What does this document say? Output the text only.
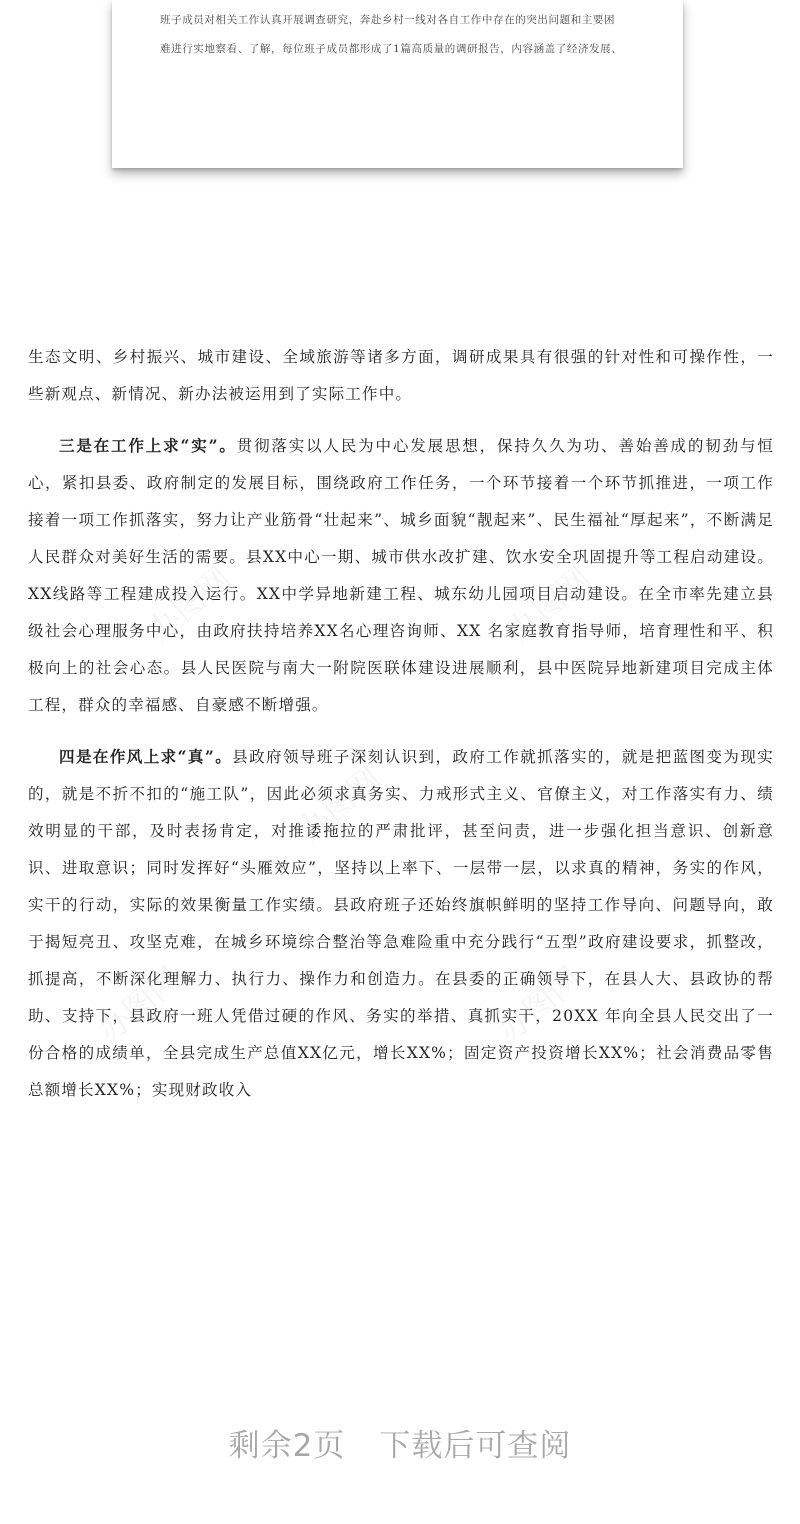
班子成员对相关工作认真开展调查研究，奔赴乡村一线对各自工作中存在的突出问题和主要困
难进行实地察看、了解，每位班子成员都形成了1篇高质量的调研报告，内容涵盖了经济发展、

生态文明、乡村振兴、城市建设、全域旅游等诸多方面，调研成果具有很强的针对性和可操作性，一些新观点、新情况、新办法被运用到了实际工作中。

三是在工作上求“实”。贯彻落实以人民为中心发展思想，保持久久为功、善始善成的韧劲与恒心，紧扣县委、政府制定的发展目标，围绕政府工作任务，一个环节接着一个环节抓推进，一项工作接着一项工作抓落实，努力让产业筋骨“壮起来”、城乡面貌“靓起来”、民生福祉“厚起来”，不断满足人民群众对美好生活的需要。县XX中心一期、城市供水改扩建、饮水安全巩固提升等工程启动建设。XX线路等工程建成投入运行。XX中学异地新建工程、城东幼儿园项目启动建设。在全市率先建立县级社会心理服务中心，由政府扶持培养XX名心理咨询师、XX 名家庭教育指导师，培育理性和平、积极向上的社会心态。县人民医院与南大一附院医联体建设进展顺利，县中医院异地新建项目完成主体工程，群众的幸福感、自豪感不断增强。

四是在作风上求“真”。县政府领导班子深刻认识到，政府工作就抓落实的，就是把蓝图变为现实的，就是不折不扣的“施工队”，因此必须求真务实、力戒形式主义、官僚主义，对工作落实有力、绩效明显的干部，及时表扬肯定，对推诿拖拉的严肃批评，甚至问责，进一步强化担当意识、创新意识、进取意识；同时发挥好“头雁效应”，坚持以上率下、一层带一层，以求真的精神，务实的作风，实干的行动，实际的效果衡量工作实绩。县政府班子还始终旗帜鲜明的坚持工作导向、问题导向，敢于揭短亮丑、攻坚克难，在城乡环境综合整治等急难险重中充分践行“五型”政府建设要求，抓整改，抓提高，不断深化理解力、执行力、操作力和创造力。在县委的正确领导下，在县人大、县政协的帮助、支持下，县政府一班人凭借过硬的作风、务实的举措、真抓实干，20XX 年向全县人民交出了一份合格的成绩单，全县完成生产总值XX亿元，增长XX%；固定资产投资增长XX%；社会消费品零售总额增长XX%；实现财政收入

剩余2页 下载后可查阅
